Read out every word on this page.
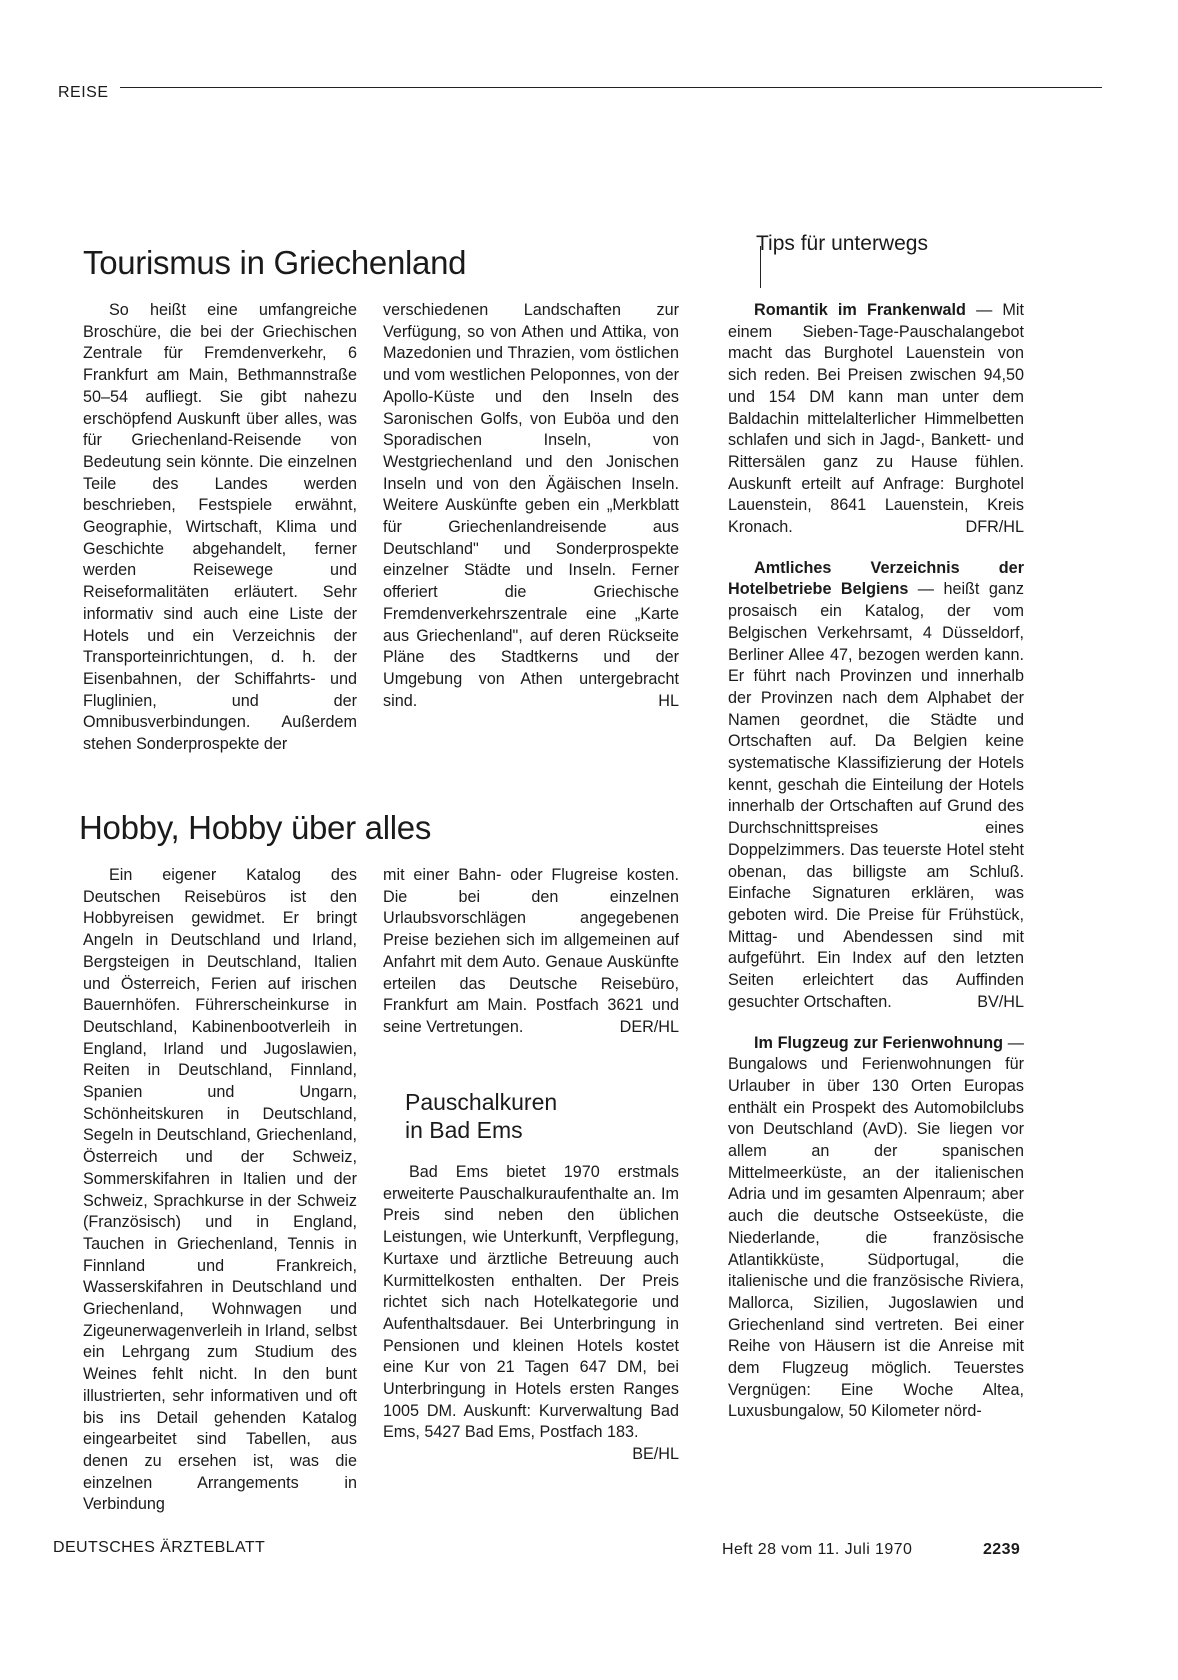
REISE
Tourismus in Griechenland

So heißt eine umfangreiche Broschüre, die bei der Griechischen Zentrale für Fremdenverkehr, 6 Frankfurt am Main, Bethmannstraße 50–54 aufliegt. Sie gibt nahezu erschöpfend Auskunft über alles, was für Griechenland-Reisende von Bedeutung sein könnte. Die einzelnen Teile des Landes werden beschrieben, Festspiele erwähnt, Geographie, Wirtschaft, Klima und Geschichte abgehandelt, ferner werden Reisewege und Reiseformalitäten erläutert. Sehr informativ sind auch eine Liste der Hotels und ein Verzeichnis der Transporteinrichtungen, d. h. der Eisenbahnen, der Schiffahrts- und Fluglinien, und der Omnibusverbindungen. Außerdem stehen Sonderprospekte der

verschiedenen Landschaften zur Verfügung, so von Athen und Attika, von Mazedonien und Thrazien, vom östlichen und vom westlichen Peloponnes, von der Apollo-Küste und den Inseln des Saronischen Golfs, von Euböa und den Sporadischen Inseln, von Westgriechenland und den Jonischen Inseln und von den Ägäischen Inseln. Weitere Auskünfte geben ein „Merkblatt für Griechenlandreisende aus Deutschland" und Sonderprospekte einzelner Städte und Inseln. Ferner offeriert die Griechische Fremdenverkehrszentrale eine „Karte aus Griechenland", auf deren Rückseite Pläne des Stadtkerns und der Umgebung von Athen untergebracht sind.	HL

Hobby, Hobby über alles

Ein eigener Katalog des Deutschen Reisebüros ist den Hobbyreisen gewidmet. Er bringt Angeln in Deutschland und Irland, Bergsteigen in Deutschland, Italien und Österreich, Ferien auf irischen Bauernhöfen. Führerscheinkurse in Deutschland, Kabinenbootverleih in England, Irland und Jugoslawien, Reiten in Deutschland, Finnland, Spanien und Ungarn, Schönheitskuren in Deutschland, Segeln in Deutschland, Griechenland, Österreich und der Schweiz, Sommerskifahren in Italien und der Schweiz, Sprachkurse in der Schweiz (Französisch) und in England, Tauchen in Griechenland, Tennis in Finnland und Frankreich, Wasserskifahren in Deutschland und Griechenland, Wohnwagen und Zigeunerwagenverleih in Irland, selbst ein Lehrgang zum Studium des Weines fehlt nicht. In den bunt illustrierten, sehr informativen und oft bis ins Detail gehenden Katalog eingearbeitet sind Tabellen, aus denen zu ersehen ist, was die einzelnen Arrangements in Verbindung

mit einer Bahn- oder Flugreise kosten. Die bei den einzelnen Urlaubsvorschlägen angegebenen Preise beziehen sich im allgemeinen auf Anfahrt mit dem Auto. Genaue Auskünfte erteilen das Deutsche Reisebüro, Frankfurt am Main. Postfach 3621 und seine Vertretungen.	DER/HL

Pauschalkuren
in Bad Ems

Bad Ems bietet 1970 erstmals erweiterte Pauschalkuraufenthalte an. Im Preis sind neben den üblichen Leistungen, wie Unterkunft, Verpflegung, Kurtaxe und ärztliche Betreuung auch Kurmittelkosten enthalten. Der Preis richtet sich nach Hotelkategorie und Aufenthaltsdauer. Bei Unterbringung in Pensionen und kleinen Hotels kostet eine Kur von 21 Tagen 647 DM, bei Unterbringung in Hotels ersten Ranges 1005 DM. Auskunft: Kurverwaltung Bad Ems, 5427 Bad Ems, Postfach 183.
BE/HL

Tips für unterwegs

Romantik im Frankenwald — Mit einem Sieben-Tage-Pauschalangebot macht das Burghotel Lauenstein von sich reden. Bei Preisen zwischen 94,50 und 154 DM kann man unter dem Baldachin mittelalterlicher Himmelbetten schlafen und sich in Jagd-, Bankett- und Rittersälen ganz zu Hause fühlen. Auskunft erteilt auf Anfrage: Burghotel Lauenstein, 8641 Lauenstein, Kreis Kronach.	DFR/HL

Amtliches Verzeichnis der Hotelbetriebe Belgiens — heißt ganz prosaisch ein Katalog, der vom Belgischen Verkehrsamt, 4 Düsseldorf, Berliner Allee 47, bezogen werden kann. Er führt nach Provinzen und innerhalb der Provinzen nach dem Alphabet der Namen geordnet, die Städte und Ortschaften auf. Da Belgien keine systematische Klassifizierung der Hotels kennt, geschah die Einteilung der Hotels innerhalb der Ortschaften auf Grund des Durchschnittspreises eines Doppelzimmers. Das teuerste Hotel steht obenan, das billigste am Schluß. Einfache Signaturen erklären, was geboten wird. Die Preise für Frühstück, Mittag- und Abendessen sind mit aufgeführt. Ein Index auf den letzten Seiten erleichtert das Auffinden gesuchter Ortschaften.	BV/HL

Im Flugzeug zur Ferienwohnung — Bungalows und Ferienwohnungen für Urlauber in über 130 Orten Europas enthält ein Prospekt des Automobilclubs von Deutschland (AvD). Sie liegen vor allem an der spanischen Mittelmeerküste, an der italienischen Adria und im gesamten Alpenraum; aber auch die deutsche Ostseeküste, die Niederlande, die französische Atlantikküste, Südportugal, die italienische und die französische Riviera, Mallorca, Sizilien, Jugoslawien und Griechenland sind vertreten. Bei einer Reihe von Häusern ist die Anreise mit dem Flugzeug möglich. Teuerstes Vergnügen: Eine Woche Altea, Luxusbungalow, 50 Kilometer nörd-

DEUTSCHES ÄRZTEBLATT	Heft 28 vom 11. Juli 1970	2239
